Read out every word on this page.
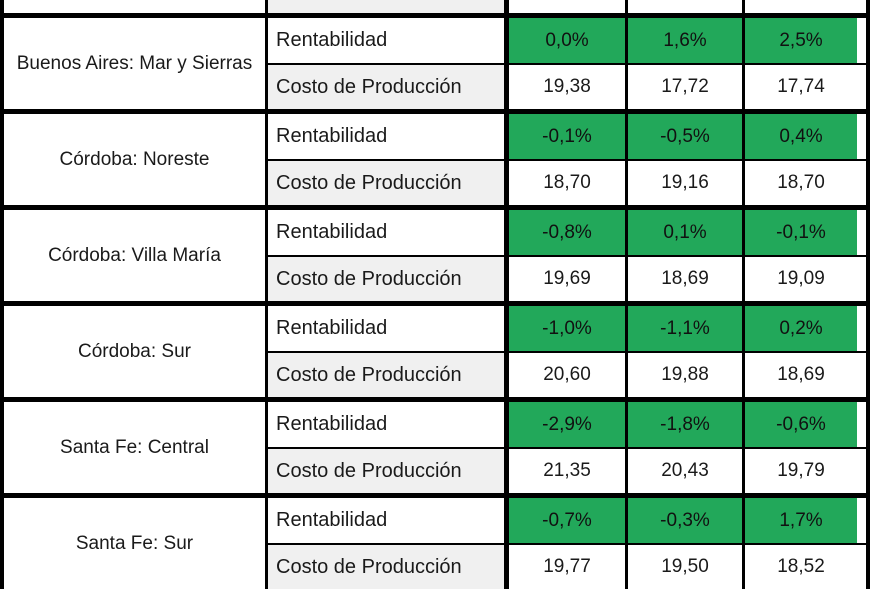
Buenos Aires: Mar y Sierras
Rentabilidad	0,0%	1,6%	2,5%
Costo de Producción	19,38	17,72	17,74
Córdoba: Noreste
Rentabilidad	-0,1%	-0,5%	0,4%
Costo de Producción	18,70	19,16	18,70
Córdoba: Villa María
Rentabilidad	-0,8%	0,1%	-0,1%
Costo de Producción	19,69	18,69	19,09
Córdoba: Sur
Rentabilidad	-1,0%	-1,1%	0,2%
Costo de Producción	20,60	19,88	18,69
Santa Fe: Central
Rentabilidad	-2,9%	-1,8%	-0,6%
Costo de Producción	21,35	20,43	19,79
Santa Fe: Sur
Rentabilidad	-0,7%	-0,3%	1,7%
Costo de Producción	19,77	19,50	18,52
